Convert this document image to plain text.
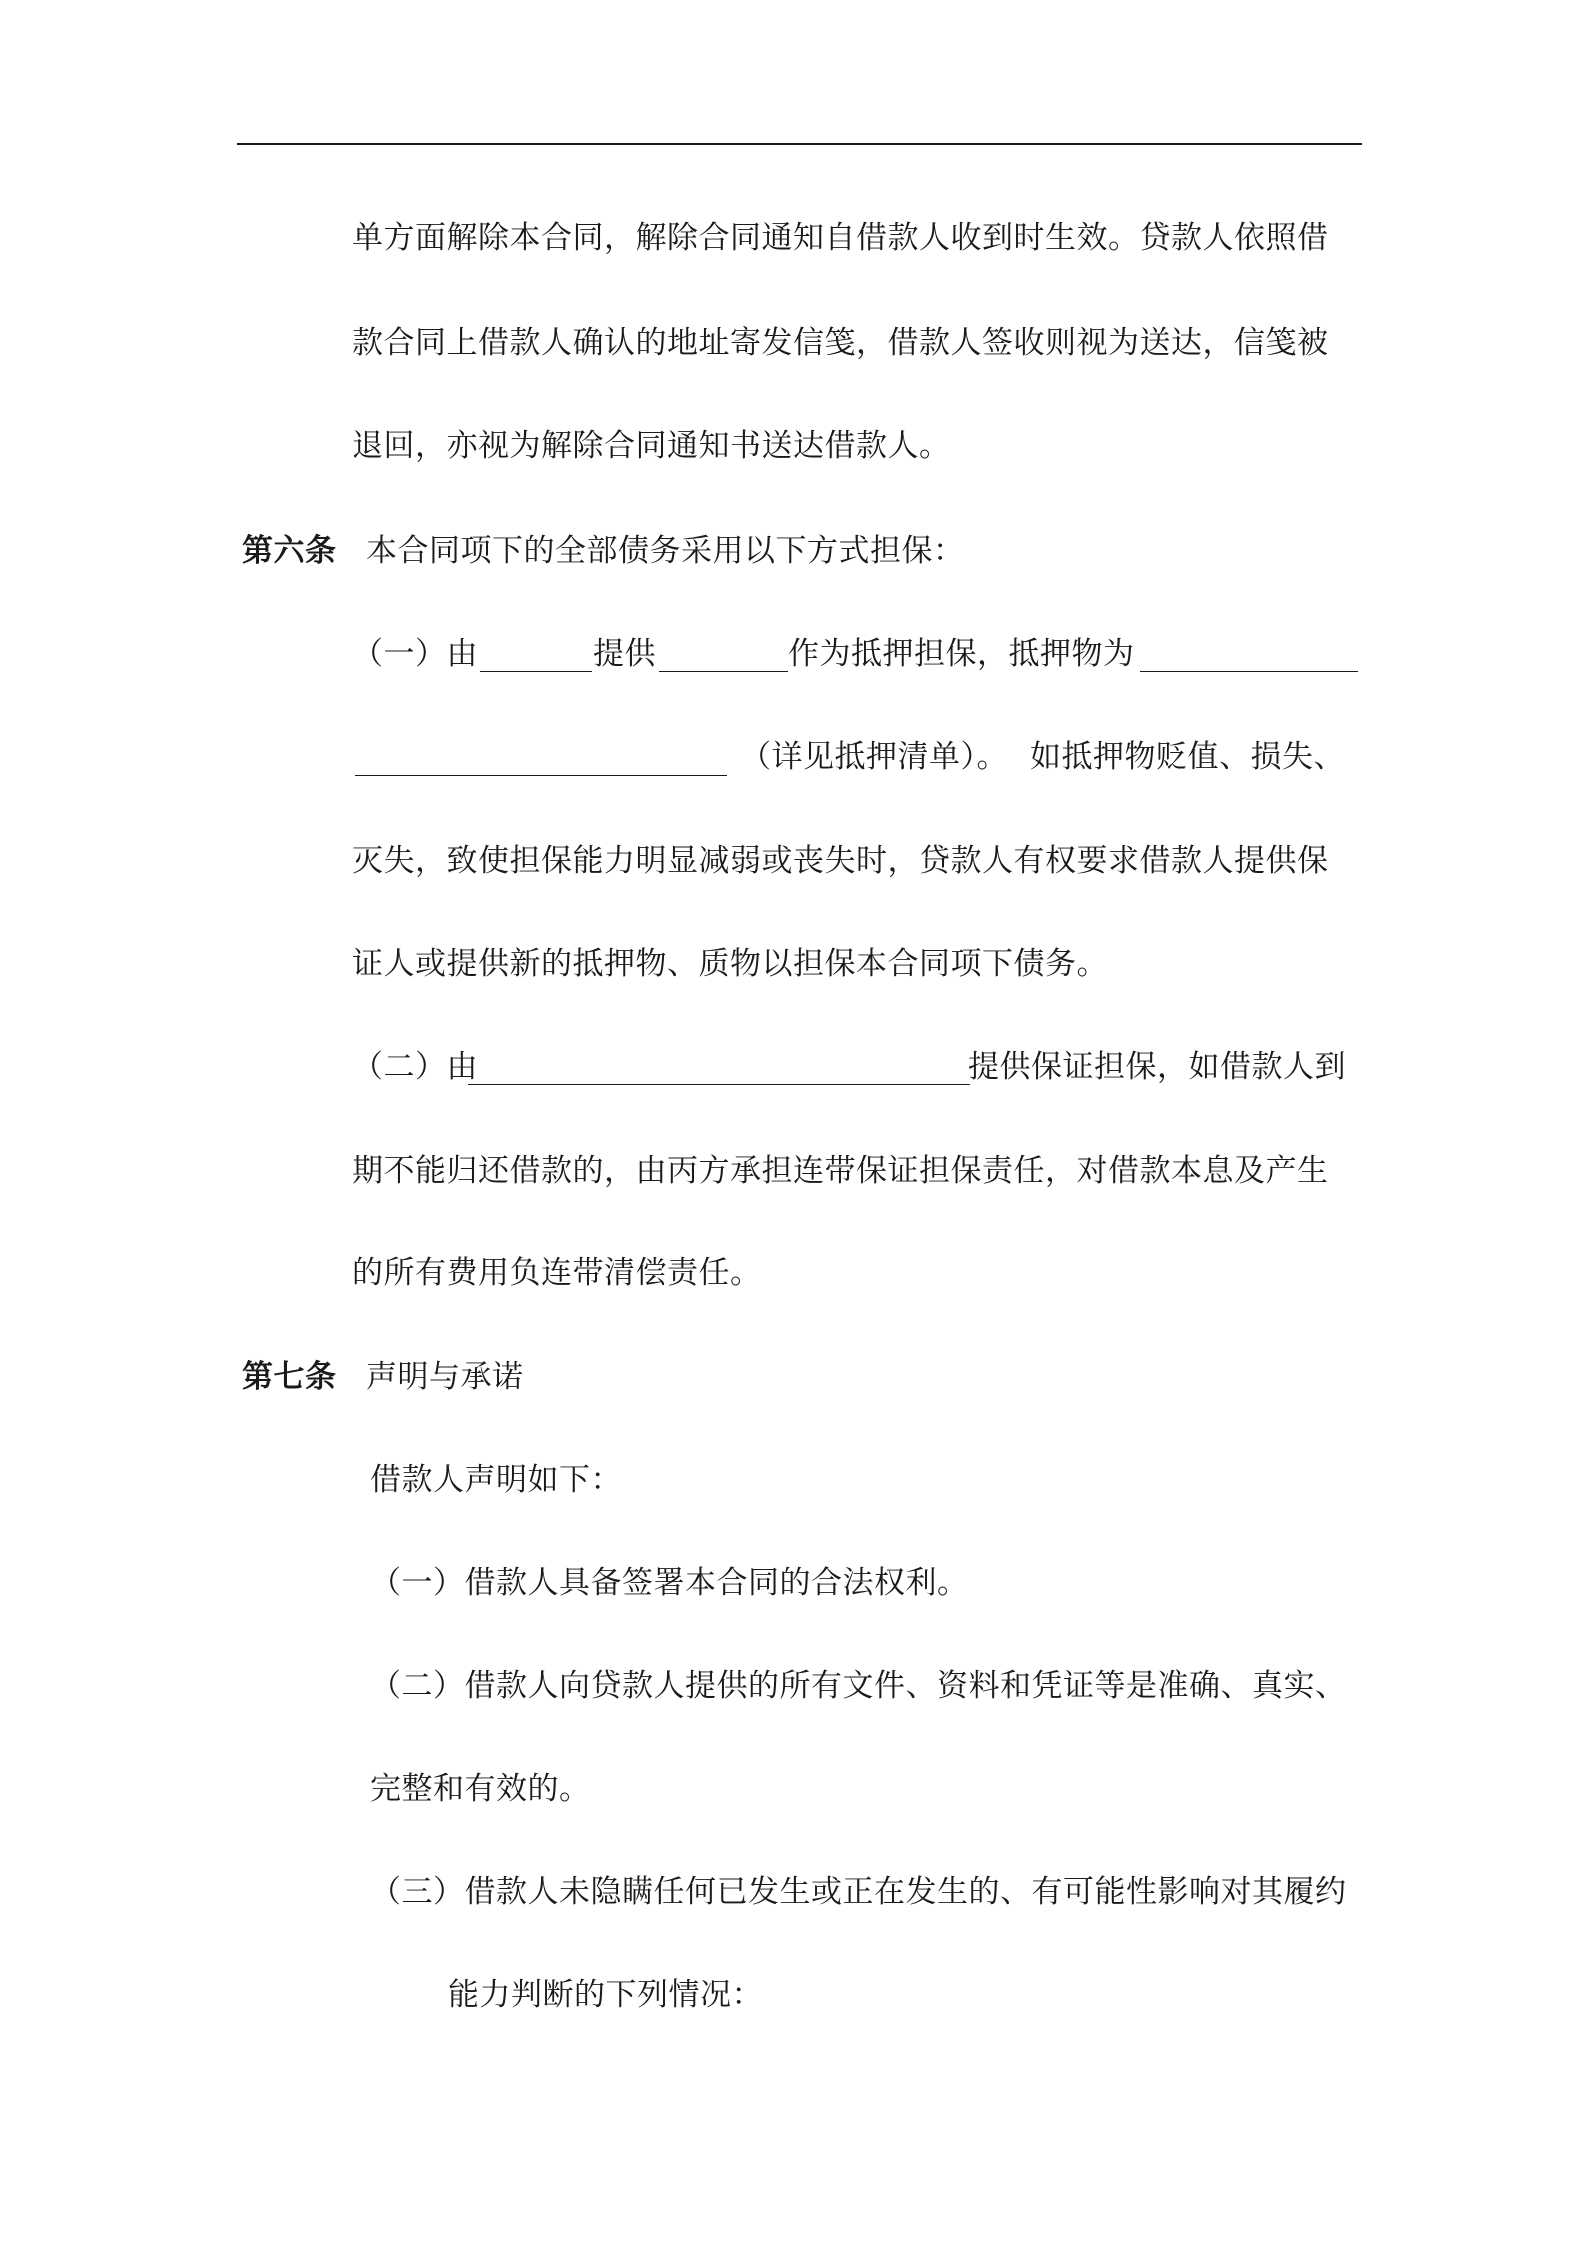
单方面解除本合同，解除合同通知自借款人收到时生效。贷款人依照借
款合同上借款人确认的地址寄发信笺，借款人签收则视为送达，信笺被
退回，亦视为解除合同通知书送达借款人。
第六条 本合同项下的全部债务采用以下方式担保：
（一）由	提供	作为抵押担保，抵押物为
（详见抵押清单）。 如抵押物贬值、损失、
灭失，致使担保能力明显减弱或丧失时，贷款人有权要求借款人提供保
证人或提供新的抵押物、质物以担保本合同项下债务。
（二）由	提供保证担保，如借款人到
期不能归还借款的，由丙方承担连带保证担保责任，对借款本息及产生
的所有费用负连带清偿责任。
第七条 声明与承诺
借款人声明如下：
（一）借款人具备签署本合同的合法权利。
（二）借款人向贷款人提供的所有文件、资料和凭证等是准确、真实、
完整和有效的。
（三）借款人未隐瞒任何已发生或正在发生的、有可能性影响对其履约
能力判断的下列情况：
